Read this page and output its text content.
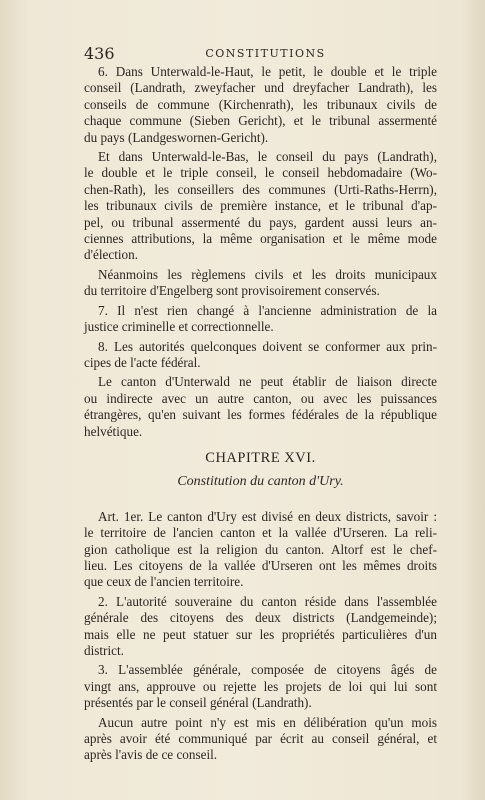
436	CONSTITUTIONS
6. Dans Unterwald-le-Haut, le petit, le double et le triple
conseil (Landrath, zweyfacher und dreyfacher Landrath), les
conseils de commune (Kirchenrath), les tribunaux civils de
chaque commune (Sieben Gericht), et le tribunal assermenté
du pays (Landgeswornen-Gericht).
Et dans Unterwald-le-Bas, le conseil du pays (Landrath),
le double et le triple conseil, le conseil hebdomadaire (Wo-
chen-Rath), les conseillers des communes (Urti-Raths-Herrn),
les tribunaux civils de première instance, et le tribunal d'ap-
pel, ou tribunal assermenté du pays, gardent aussi leurs an-
ciennes attributions, la même organisation et le même mode
d'élection.
Néanmoins les règlemens civils et les droits municipaux
du territoire d'Engelberg sont provisoirement conservés.
7. Il n'est rien changé à l'ancienne administration de la
justice criminelle et correctionnelle.
8. Les autorités quelconques doivent se conformer aux prin-
cipes de l'acte fédéral.
Le canton d'Unterwald ne peut établir de liaison directe
ou indirecte avec un autre canton, ou avec les puissances
étrangères, qu'en suivant les formes fédérales de la république
helvétique.
CHAPITRE XVI.
Constitution du canton d'Ury.
Art. 1er. Le canton d'Ury est divisé en deux districts, savoir :
le territoire de l'ancien canton et la vallée d'Urseren. La reli-
gion catholique est la religion du canton. Altorf est le chef-
lieu. Les citoyens de la vallée d'Urseren ont les mêmes droits
que ceux de l'ancien territoire.
2. L'autorité souveraine du canton réside dans l'assemblée
générale des citoyens des deux districts (Landgemeinde);
mais elle ne peut statuer sur les propriétés particulières d'un
district.
3. L'assemblée générale, composée de citoyens âgés de
vingt ans, approuve ou rejette les projets de loi qui lui sont
présentés par le conseil général (Landrath).
Aucun autre point n'y est mis en délibération qu'un mois
après avoir été communiqué par écrit au conseil général, et
après l'avis de ce conseil.
